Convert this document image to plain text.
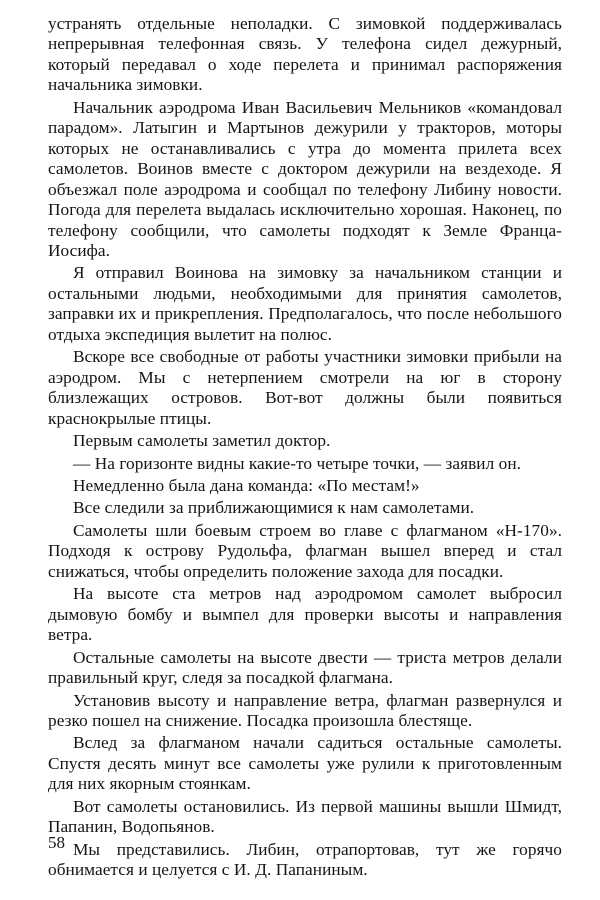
устранять отдельные неполадки. С зимовкой поддерживалась непрерывная телефонная связь. У телефона сидел дежурный, который передавал о ходе перелета и принимал распоряжения начальника зимовки.

Начальник аэродрома Иван Васильевич Мельников «командовал парадом». Латыгин и Мартынов дежурили у тракторов, моторы которых не останавливались с утра до момента прилета всех самолетов. Воинов вместе с доктором дежурили на вездеходе. Я объезжал поле аэродрома и сообщал по телефону Либину новости. Погода для перелета выдалась исключительно хорошая. Наконец, по телефону сообщили, что самолеты подходят к Земле Франца-Иосифа.

Я отправил Воинова на зимовку за начальником станции и остальными людьми, необходимыми для принятия самолетов, заправки их и прикрепления. Предполагалось, что после небольшого отдыха экспедиция вылетит на полюс.

Вскоре все свободные от работы участники зимовки прибыли на аэродром. Мы с нетерпением смотрели на юг в сторону близлежащих островов. Вот-вот должны были появиться краснокрылые птицы.

Первым самолеты заметил доктор.

— На горизонте видны какие-то четыре точки, — заявил он.

Немедленно была дана команда: «По местам!»

Все следили за приближающимися к нам самолетами.

Самолеты шли боевым строем во главе с флагманом «Н-170». Подходя к острову Рудольфа, флагман вышел вперед и стал снижаться, чтобы определить положение захода для посадки.

На высоте ста метров над аэродромом самолет выбросил дымовую бомбу и вымпел для проверки высоты и направления ветра.

Остальные самолеты на высоте двести — триста метров делали правильный круг, следя за посадкой флагмана.

Установив высоту и направление ветра, флагман развернулся и резко пошел на снижение. Посадка произошла блестяще.

Вслед за флагманом начали садиться остальные самолеты. Спустя десять минут все самолеты уже рулили к приготовленным для них якорным стоянкам.

Вот самолеты остановились. Из первой машины вышли Шмидт, Папанин, Водопьянов.

Мы представились. Либин, отрапортовав, тут же горячо обнимается и целуется с И. Д. Папаниным.

58
